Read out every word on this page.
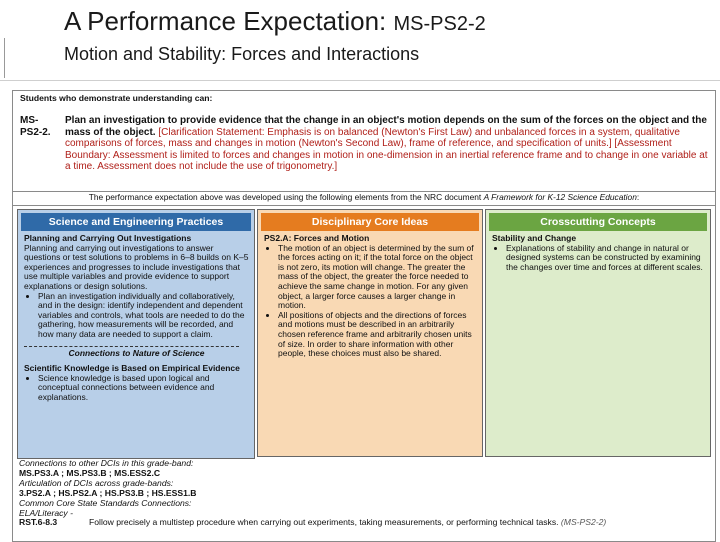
A Performance Expectation: MS-PS2-2
Motion and Stability: Forces and Interactions
Students who demonstrate understanding can:
MS-PS2-2.
Plan an investigation to provide evidence that the change in an object's motion depends on the sum of the forces on the object and the mass of the object. [Clarification Statement: Emphasis is on balanced (Newton's First Law) and unbalanced forces in a system, qualitative comparisons of forces, mass and changes in motion (Newton's Second Law), frame of reference, and specification of units.] [Assessment Boundary: Assessment is limited to forces and changes in motion in one-dimension in an inertial reference frame and to change in one variable at a time. Assessment does not include the use of trigonometry.]
The performance expectation above was developed using the following elements from the NRC document A Framework for K-12 Science Education:
Science and Engineering Practices
Planning and Carrying Out Investigations
Planning and carrying out investigations to answer questions or test solutions to problems in 6–8 builds on K–5 experiences and progresses to include investigations that use multiple variables and provide evidence to support explanations or design solutions.
• Plan an investigation individually and collaboratively, and in the design: identify independent and dependent variables and controls, what tools are needed to do the gathering, how measurements will be recorded, and how many data are needed to support a claim.
Connections to Nature of Science
Scientific Knowledge is Based on Empirical Evidence
• Science knowledge is based upon logical and conceptual connections between evidence and explanations.
Disciplinary Core Ideas
PS2.A: Forces and Motion
• The motion of an object is determined by the sum of the forces acting on it; if the total force on the object is not zero, its motion will change. The greater the mass of the object, the greater the force needed to achieve the same change in motion. For any given object, a larger force causes a larger change in motion.
• All positions of objects and the directions of forces and motions must be described in an arbitrarily chosen reference frame and arbitrarily chosen units of size. In order to share information with other people, these choices must also be shared.
Crosscutting Concepts
Stability and Change
• Explanations of stability and change in natural or designed systems can be constructed by examining the changes over time and forces at different scales.
Connections to other DCIs in this grade-band:
MS.PS3.A ; MS.PS3.B ; MS.ESS2.C
Articulation of DCIs across grade-bands:
3.PS2.A ; HS.PS2.A ; HS.PS3.B ; HS.ESS1.B
Common Core State Standards Connections:
ELA/Literacy -
RST.6-8.3	Follow precisely a multistep procedure when carrying out experiments, taking measurements, or performing technical tasks. (MS-PS2-2)
